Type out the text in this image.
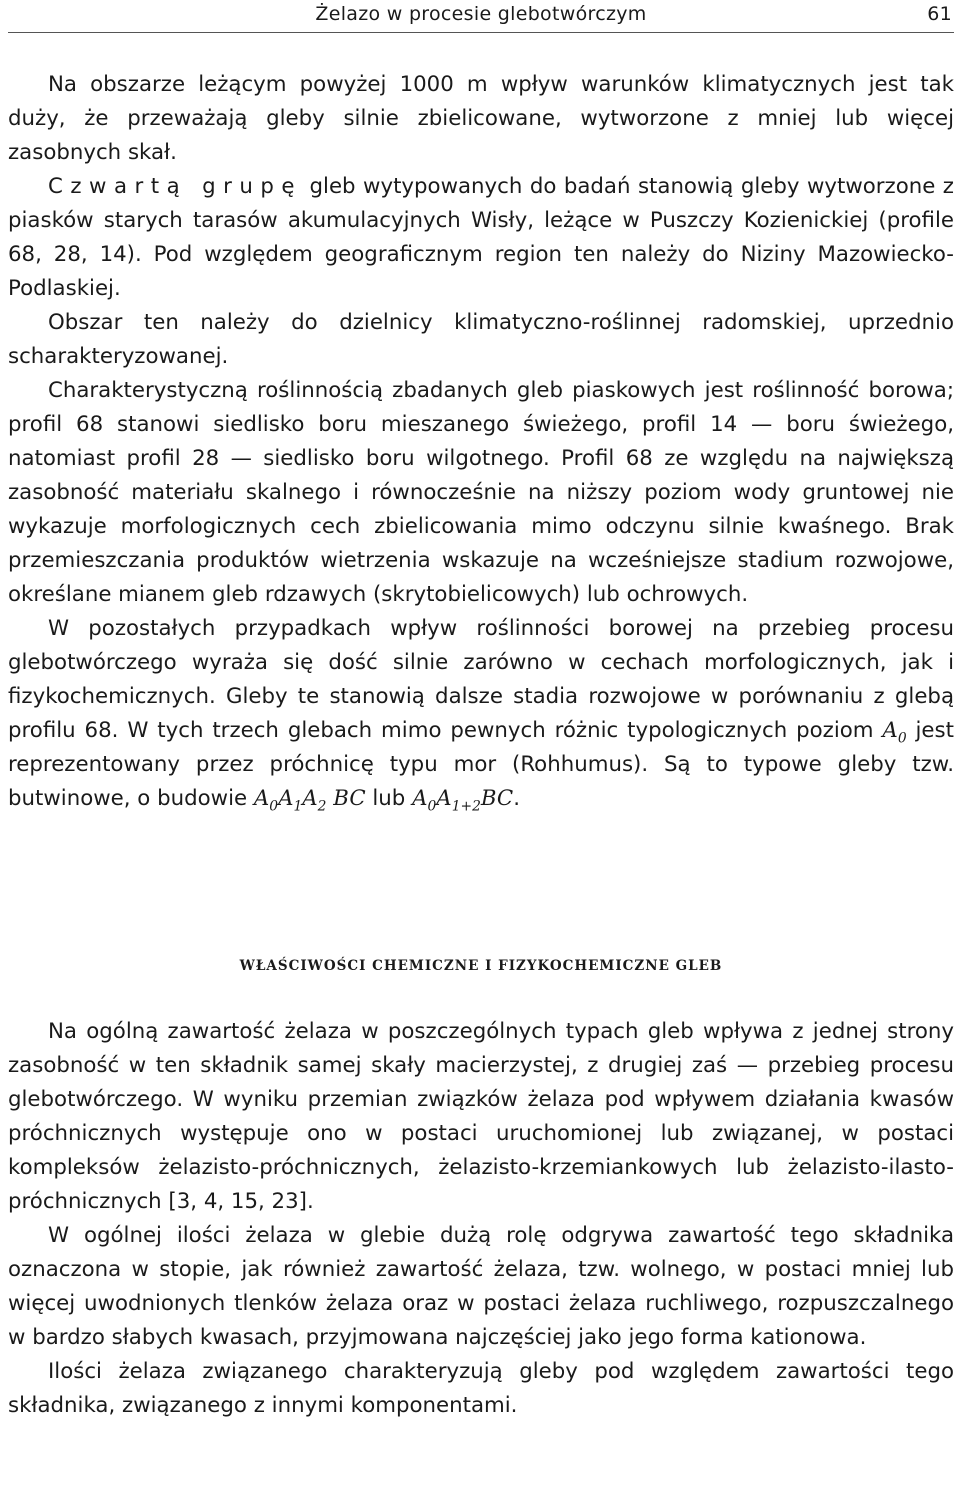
Żelazo w procesie glebotwórczym	61

Na obszarze leżącym powyżej 1000 m wpływ warunków klimatycznych jest tak duży, że przeważają gleby silnie zbielicowane, wytworzone z mniej lub więcej zasobnych skał.

Czwartą grupę gleb wytypowanych do badań stanowią gleby wytworzone z piasków starych tarasów akumulacyjnych Wisły, leżące w Puszczy Kozienickiej (profile 68, 28, 14). Pod względem geograficznym region ten należy do Niziny Mazowiecko-Podlaskiej.

Obszar ten należy do dzielnicy klimatyczno-roślinnej radomskiej, uprzednio scharakteryzowanej.

Charakterystyczną roślinnością zbadanych gleb piaskowych jest roślinność borowa; profil 68 stanowi siedlisko boru mieszanego świeżego, profil 14 — boru świeżego, natomiast profil 28 — siedlisko boru wilgotnego. Profil 68 ze względu na największą zasobność materiału skalnego i równocześnie na niższy poziom wody gruntowej nie wykazuje morfologicznych cech zbielicowania mimo odczynu silnie kwaśnego. Brak przemieszczania produktów wietrzenia wskazuje na wcześniejsze stadium rozwojowe, określane mianem gleb rdzawych (skrytobielicowych) lub ochrowych.

W pozostałych przypadkach wpływ roślinności borowej na przebieg procesu glebotwórczego wyraża się dość silnie zarówno w cechach morfologicznych, jak i fizykochemicznych. Gleby te stanowią dalsze stadia rozwojowe w porównaniu z glebą profilu 68. W tych trzech glebach mimo pewnych różnic typologicznych poziom $A_0$ jest reprezentowany przez próchnicę typu mor (Rohhumus). Są to typowe gleby tzw. butwinowe, o budowie $A_0A_1A_2$ BC lub $A_0A_{1+2}BC$.

WŁAŚCIWOŚCI CHEMICZNE I FIZYKOCHEMICZNE GLEB

Na ogólną zawartość żelaza w poszczególnych typach gleb wpływa z jednej strony zasobność w ten składnik samej skały macierzystej, z drugiej zaś — przebieg procesu glebotwórczego. W wyniku przemian związków żelaza pod wpływem działania kwasów próchnicznych występuje ono w postaci uruchomionej lub związanej, w postaci kompleksów żelazisto-próchnicznych, żelazisto-krzemiankowych lub żelazisto-ilasto-próchnicznych [3, 4, 15, 23].

W ogólnej ilości żelaza w glebie dużą rolę odgrywa zawartość tego składnika oznaczona w stopie, jak również zawartość żelaza, tzw. wolnego, w postaci mniej lub więcej uwodnionych tlenków żelaza oraz w postaci żelaza ruchliwego, rozpuszczalnego w bardzo słabych kwasach, przyjmowana najczęściej jako jego forma kationowa.

Ilości żelaza związanego charakteryzują gleby pod względem zawartości tego składnika, związanego z innymi komponentami.
